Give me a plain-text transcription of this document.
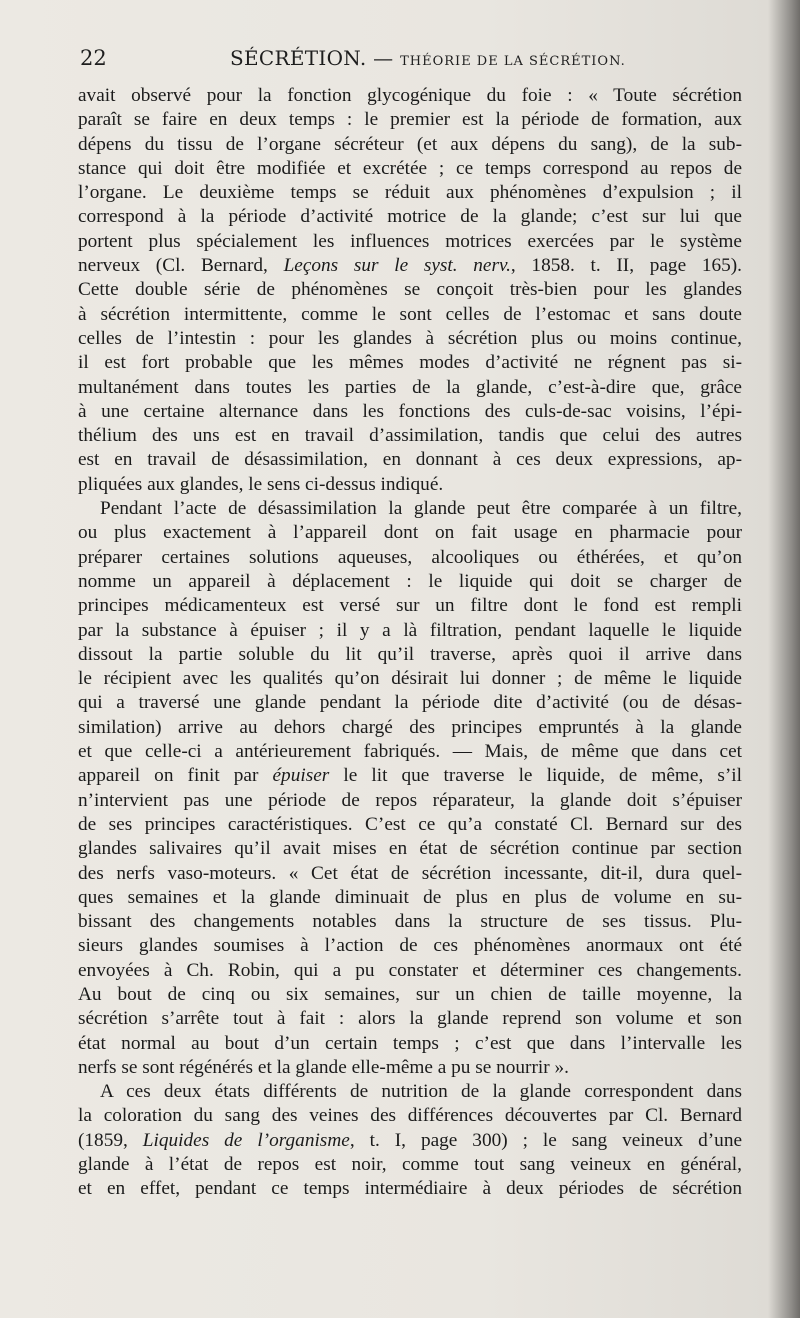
22	SÉCRÉTION. — THÉORIE DE LA SÉCRÉTION.
avait observé pour la fonction glycogénique du foie : « Toute sécrétion
paraît se faire en deux temps : le premier est la période de formation, aux
dépens du tissu de l’organe sécréteur (et aux dépens du sang), de la sub-
stance qui doit être modifiée et excrétée ; ce temps correspond au repos de
l’organe. Le deuxième temps se réduit aux phénomènes d’expulsion ; il
correspond à la période d’activité motrice de la glande; c’est sur lui que
portent plus spécialement les influences motrices exercées par le système
nerveux (Cl. Bernard, Leçons sur le syst. nerv., 1858. t. II, page 165).
Cette double série de phénomènes se conçoit très-bien pour les glandes
à sécrétion intermittente, comme le sont celles de l’estomac et sans doute
celles de l’intestin : pour les glandes à sécrétion plus ou moins continue,
il est fort probable que les mêmes modes d’activité ne régnent pas si-
multanément dans toutes les parties de la glande, c’est-à-dire que, grâce
à une certaine alternance dans les fonctions des culs-de-sac voisins, l’épi-
thélium des uns est en travail d’assimilation, tandis que celui des autres
est en travail de désassimilation, en donnant à ces deux expressions, ap-
pliquées aux glandes, le sens ci-dessus indiqué.
Pendant l’acte de désassimilation la glande peut être comparée à un filtre,
ou plus exactement à l’appareil dont on fait usage en pharmacie pour
préparer certaines solutions aqueuses, alcooliques ou éthérées, et qu’on
nomme un appareil à déplacement : le liquide qui doit se charger de
principes médicamenteux est versé sur un filtre dont le fond est rempli
par la substance à épuiser ; il y a là filtration, pendant laquelle le liquide
dissout la partie soluble du lit qu’il traverse, après quoi il arrive dans
le récipient avec les qualités qu’on désirait lui donner ; de même le liquide
qui a traversé une glande pendant la période dite d’activité (ou de désas-
similation) arrive au dehors chargé des principes empruntés à la glande
et que celle-ci a antérieurement fabriqués. — Mais, de même que dans cet
appareil on finit par épuiser le lit que traverse le liquide, de même, s’il
n’intervient pas une période de repos réparateur, la glande doit s’épuiser
de ses principes caractéristiques. C’est ce qu’a constaté Cl. Bernard sur des
glandes salivaires qu’il avait mises en état de sécrétion continue par section
des nerfs vaso-moteurs. « Cet état de sécrétion incessante, dit-il, dura quel-
ques semaines et la glande diminuait de plus en plus de volume en su-
bissant des changements notables dans la structure de ses tissus. Plu-
sieurs glandes soumises à l’action de ces phénomènes anormaux ont été
envoyées à Ch. Robin, qui a pu constater et déterminer ces changements.
Au bout de cinq ou six semaines, sur un chien de taille moyenne, la
sécrétion s’arrête tout à fait : alors la glande reprend son volume et son
état normal au bout d’un certain temps ; c’est que dans l’intervalle les
nerfs se sont régénérés et la glande elle-même a pu se nourrir ».
A ces deux états différents de nutrition de la glande correspondent dans
la coloration du sang des veines des différences découvertes par Cl. Bernard
(1859, Liquides de l’organisme, t. I, page 300) ; le sang veineux d’une
glande à l’état de repos est noir, comme tout sang veineux en général,
et en effet, pendant ce temps intermédiaire à deux périodes de sécrétion
